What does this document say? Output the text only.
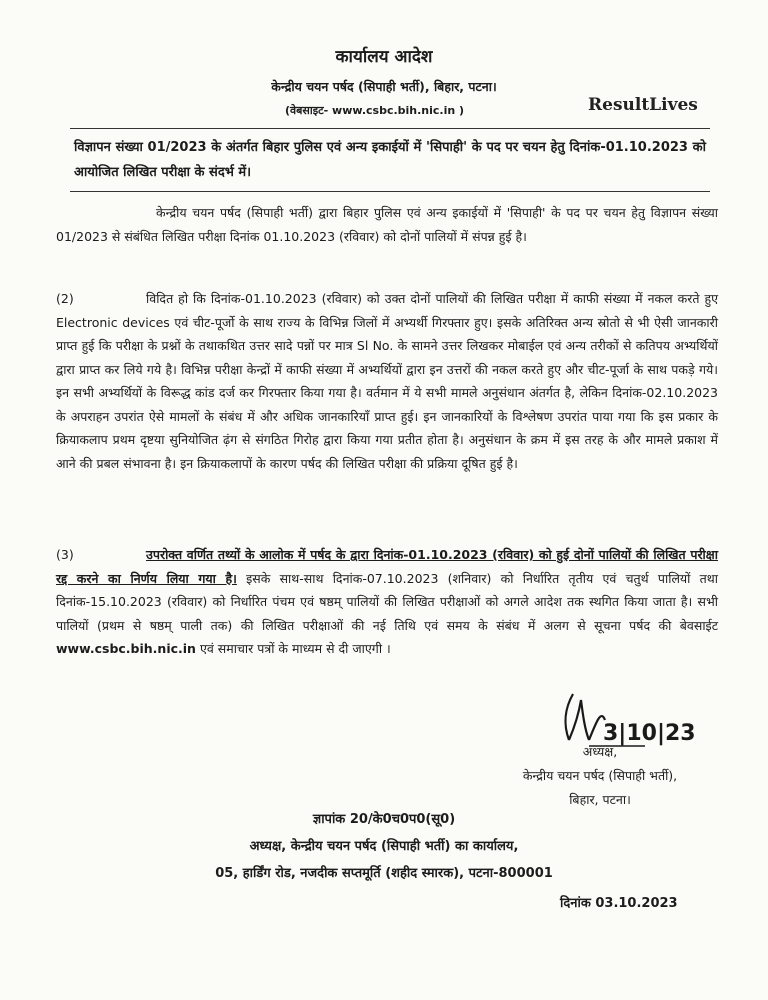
कार्यालय आदेश
केन्द्रीय चयन पर्षद (सिपाही भर्ती), बिहार, पटना।
(वेबसाइट- www.csbc.bih.nic.in )	ResultLives
विज्ञापन संख्या 01/2023 के अंतर्गत बिहार पुलिस एवं अन्य इकाईयों में 'सिपाही' के पद पर चयन हेतु दिनांक-01.10.2023 को आयोजित लिखित परीक्षा के संदर्भ में।
केन्द्रीय चयन पर्षद (सिपाही भर्ती) द्वारा बिहार पुलिस एवं अन्य इकाईयों में 'सिपाही' के पद पर चयन हेतु विज्ञापन संख्या 01/2023 से संबंधित लिखित परीक्षा दिनांक 01.10.2023 (रविवार) को दोनों पालियों में संपन्न हुई है।
(2)	विदित हो कि दिनांक-01.10.2023 (रविवार) को उक्त दोनों पालियों की लिखित परीक्षा में काफी संख्या में नकल करते हुए Electronic devices एवं चीट-पूर्जो के साथ राज्य के विभिन्न जिलों में अभ्यर्थी गिरफ्तार हुए। इसके अतिरिक्त अन्य स्रोतो से भी ऐसी जानकारी प्राप्त हुई कि परीक्षा के प्रश्नों के तथाकथित उत्तर सादे पन्नों पर मात्र Sl No. के सामने उत्तर लिखकर मोबाईल एवं अन्य तरीकों से कतिपय अभ्यर्थियों द्वारा प्राप्त कर लिये गये है। विभिन्न परीक्षा केन्द्रों में काफी संख्या में अभ्यर्थियों द्वारा इन उत्तरों की नकल करते हुए और चीट-पूर्जा के साथ पकड़े गये। इन सभी अभ्यर्थियों के विरूद्ध कांड दर्ज कर गिरफ्तार किया गया है। वर्तमान में ये सभी मामले अनुसंधान अंतर्गत है, लेकिन दिनांक-02.10.2023 के अपराहन उपरांत ऐसे मामलों के संबंध में और अधिक जानकारियाँ प्राप्त हुई। इन जानकारियों के विश्लेषण उपरांत पाया गया कि इस प्रकार के क्रियाकलाप प्रथम दृष्टया सुनियोजित ढ़ंग से संगठित गिरोह द्वारा किया गया प्रतीत होता है। अनुसंधान के क्रम में इस तरह के और मामले प्रकाश में आने की प्रबल संभावना है। इन क्रियाकलापों के कारण पर्षद की लिखित परीक्षा की प्रक्रिया दूषित हुई है।
(3)	उपरोक्त वर्णित तथ्यों के आलोक में पर्षद के द्वारा दिनांक-01.10.2023 (रविवार) को हुई दोनों पालियों की लिखित परीक्षा रद्द करने का निर्णय लिया गया है। इसके साथ-साथ दिनांक-07.10.2023 (शनिवार) को निर्धारित तृतीय एवं चतुर्थ पालियों तथा दिनांक-15.10.2023 (रविवार) को निर्धारित पंचम एवं षष्ठम् पालियों की लिखित परीक्षाओं को अगले आदेश तक स्थगित किया जाता है। सभी पालियों (प्रथम से षष्ठम् पाली तक) की लिखित परीक्षाओं की नई तिथि एवं समय के संबंध में अलग से सूचना पर्षद की बेवसाईट www.csbc.bih.nic.in एवं समाचार पत्रों के माध्यम से दी जाएगी ।
3|10|23
अध्यक्ष,
केन्द्रीय चयन पर्षद (सिपाही भर्ती),
बिहार, पटना।
ज्ञापांक 20/के0च0प0(सू0)
अध्यक्ष, केन्द्रीय चयन पर्षद (सिपाही भर्ती) का कार्यालय,
05, हार्डिंग रोड, नजदीक सप्तमूर्ति (शहीद स्मारक), पटना-800001
दिनांक 03.10.2023
